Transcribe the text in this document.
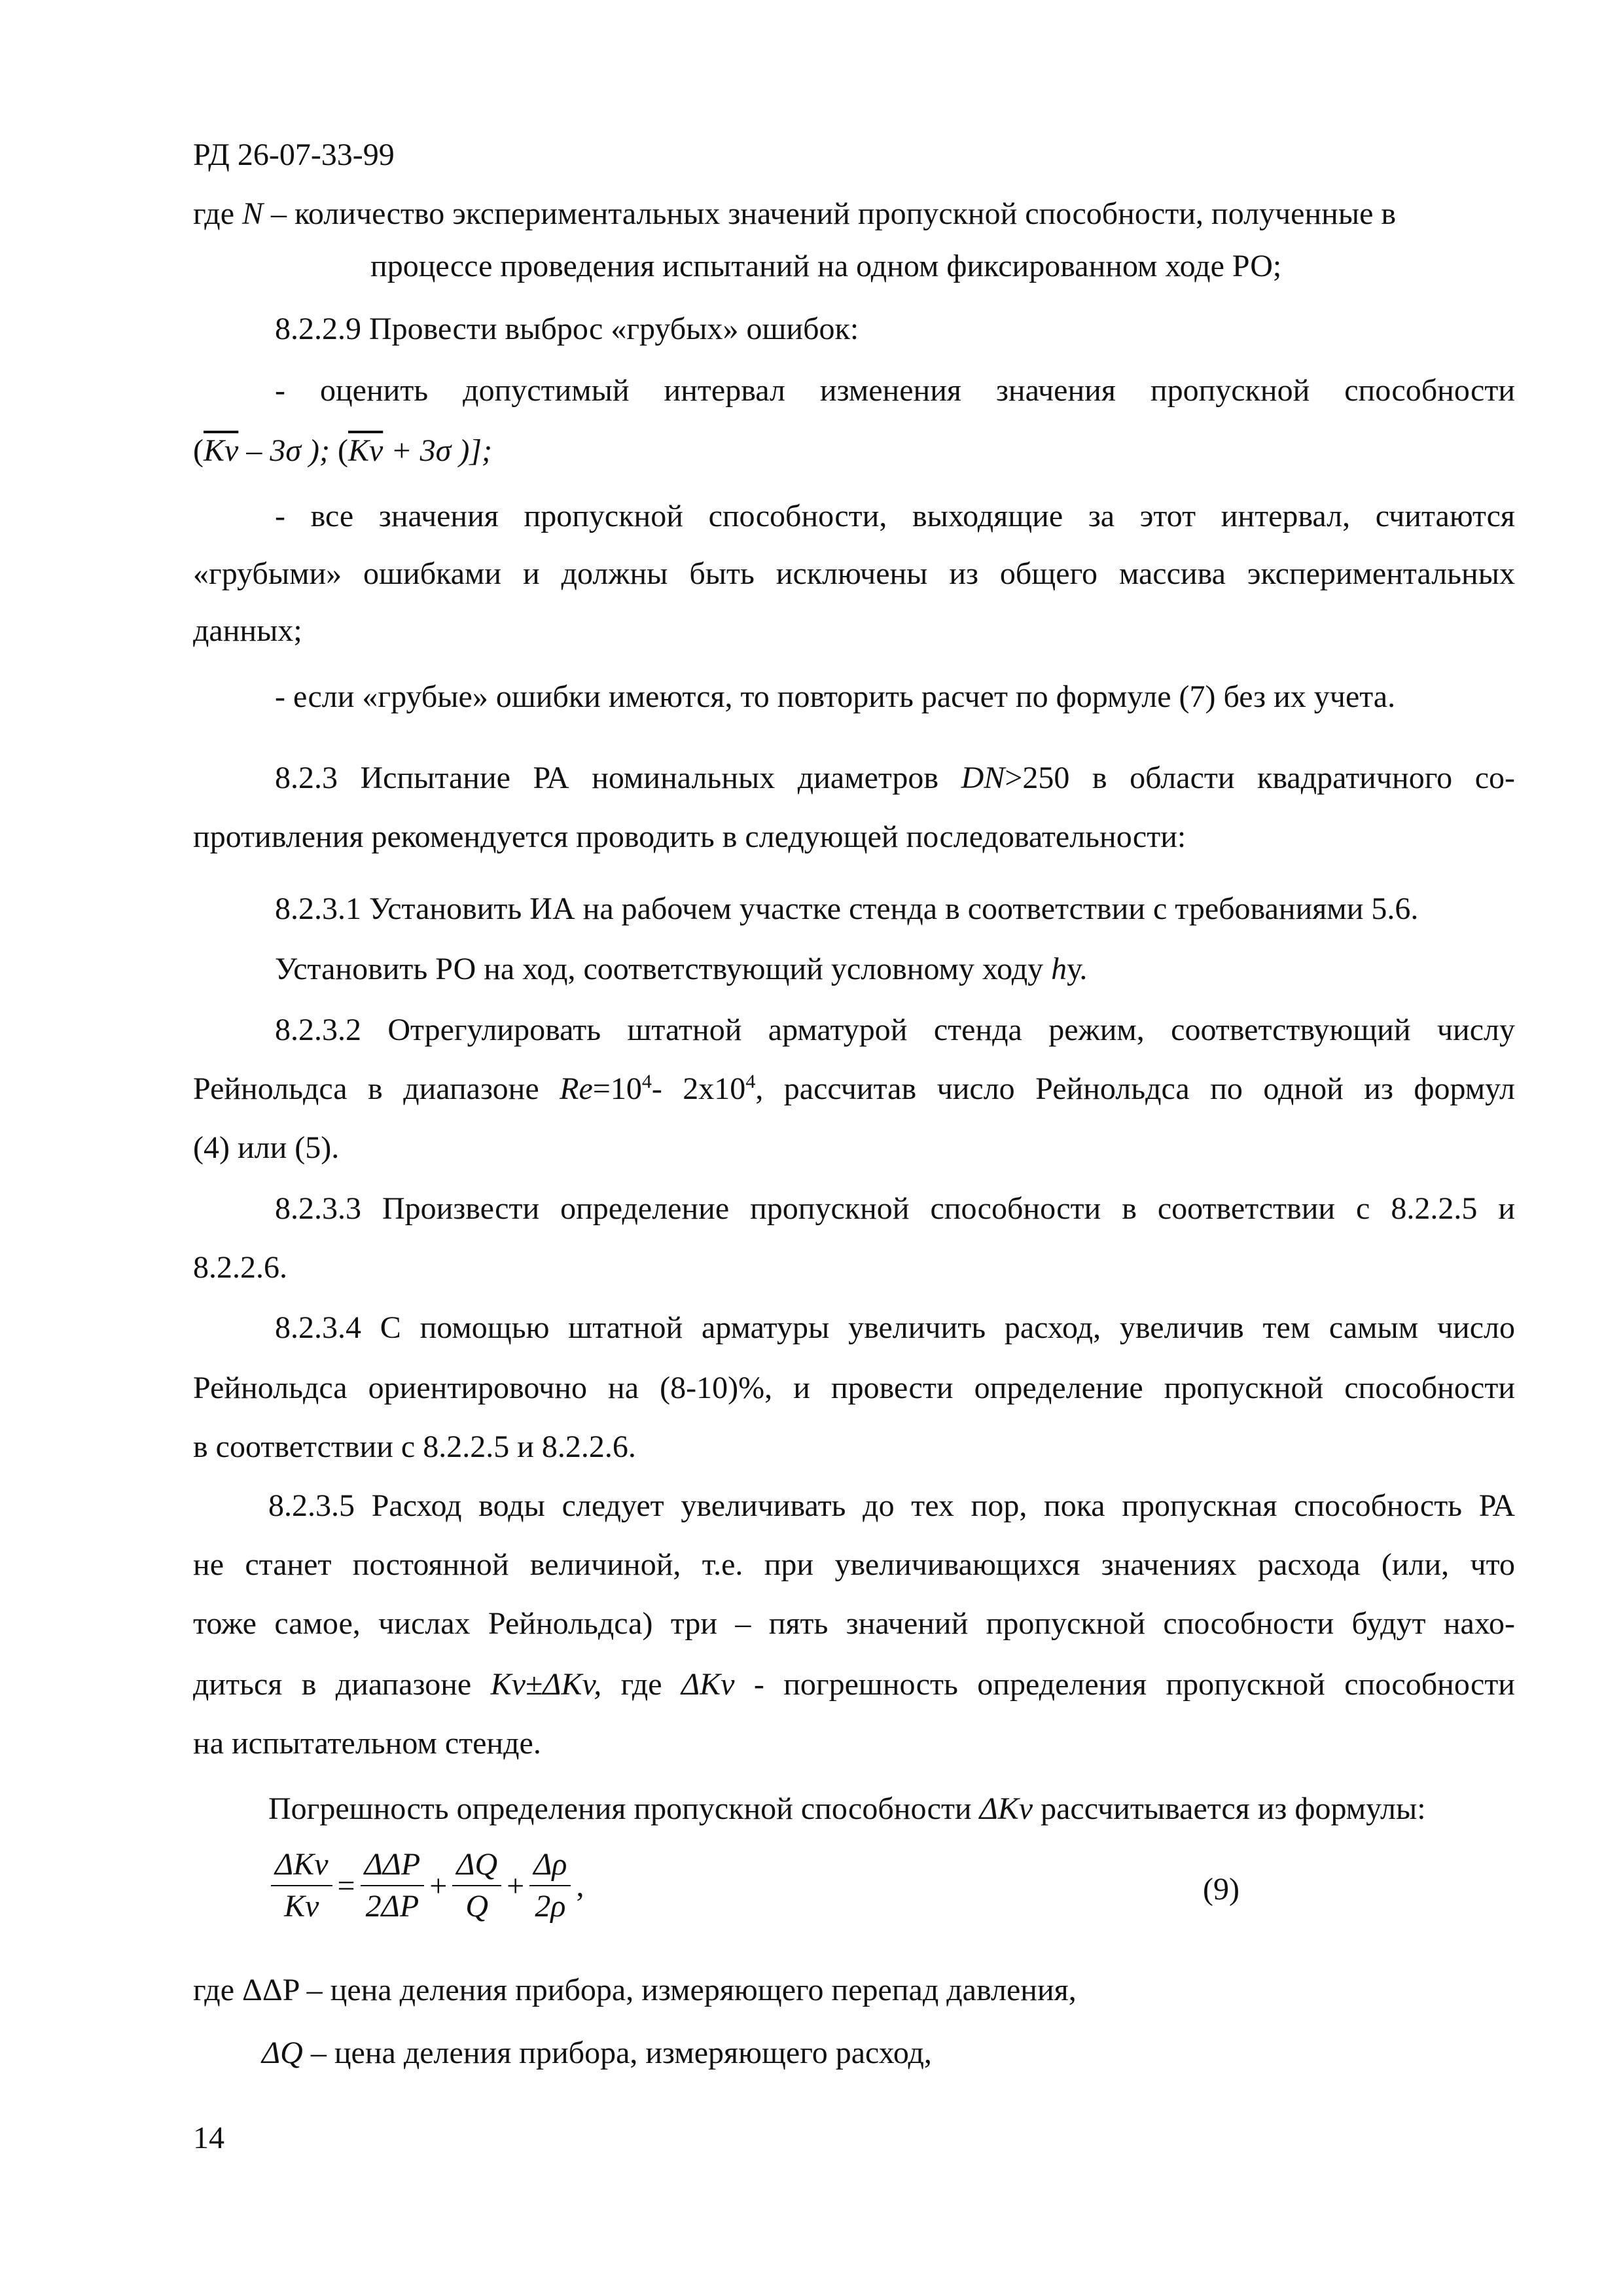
РД 26-07-33-99
где N – количество экспериментальных значений пропускной способности, полученные в
процессе проведения испытаний на одном фиксированном ходе РО;
8.2.2.9 Провести выброс «грубых» ошибок:
- оценить допустимый интервал изменения значения пропускной способности
($\overline{Kv} - 3\sigma$ ); ($\overline{Kv} + 3\sigma$ )];
- все значения пропускной способности, выходящие за этот интервал, считаются
«грубыми» ошибками и должны быть исключены из общего массива экспериментальных
данных;
- если «грубые» ошибки имеются, то повторить расчет по формуле (7) без их учета.
8.2.3 Испытание РА номинальных диаметров DN>250 в области квадратичного со-
противления рекомендуется проводить в следующей последовательности:
8.2.3.1 Установить ИА на рабочем участке стенда в соответствии с требованиями 5.6.
Установить РО на ход, соответствующий условному ходу hу.
8.2.3.2 Отрегулировать штатной арматурой стенда режим, соответствующий числу
Рейнольдса в диапазоне $Re=10^4-$ $2x10^4$, рассчитав число Рейнольдса по одной из формул
(4) или (5).
8.2.3.3 Произвести определение пропускной способности в соответствии с 8.2.2.5 и
8.2.2.6.
8.2.3.4 С помощью штатной арматуры увеличить расход, увеличив тем самым число
Рейнольдса ориентировочно на (8-10)%, и провести определение пропускной способности
в соответствии с 8.2.2.5 и 8.2.2.6.
8.2.3.5 Расход воды следует увеличивать до тех пор, пока пропускная способность РА
не станет постоянной величиной, т.е. при увеличивающихся значениях расхода (или, что
тоже самое, числах Рейнольдса) три – пять значений пропускной способности будут нахо-
диться в диапазоне Kv±ΔKv, где ΔKv - погрешность определения пропускной способности
на испытательном стенде.
Погрешность определения пропускной способности ΔKv рассчитывается из формулы:
$\frac{\text{ΔKv}}{Kv} = \frac{\text{ΔΔP}}{2\Delta P} + \frac{\Delta Q}{Q} + \frac{\Delta\rho}{2\rho}$ ,	(9)
где ΔΔP – цена деления прибора, измеряющего перепад давления,
ΔQ – цена деления прибора, измеряющего расход,
14
